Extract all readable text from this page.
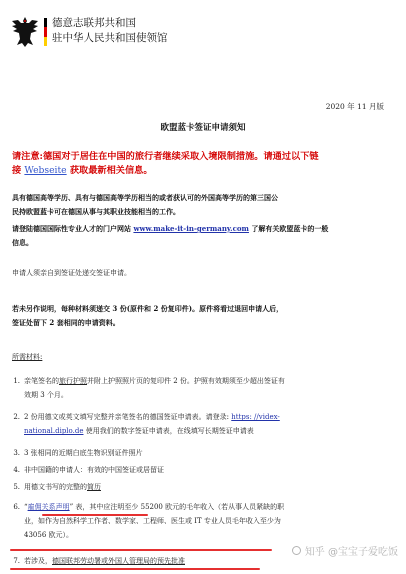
德意志联邦共和国
驻中华人民共和国使领馆
2020 年 11 月版
欧盟蓝卡签证申请须知
请注意:德国对于居住在中国的旅行者继续采取入境限制措施。请通过以下链
接 Webseite 获取最新相关信息。
具有德国高等学历、具有与德国高等学历相当的或者获认可的外国高等学历的第三国公
民持欧盟蓝卡可在德国从事与其职业技能相当的工作。
请登陆德国国际性专业人才的门户网站 www.make-it-in-germany.com 了解有关欧盟蓝卡的一般
信息。
申请人须亲自到签证处递交签证申请。
若未另作说明，每种材料须递交 3 份(原件和 2 份复印件)。原件将看过退回申请人后，
签证处留下 2 套相同的申请资料。
所需材料:
1. 亲笔签名的旅行护照并附上护照照片页的复印件 2 份。护照有效期须至少超出签证有
效期 3 个月。
2. 2 份用德文或英文填写完整并亲笔签名的德国签证申请表。请登录: https: //videx-
national.diplo.de 使用我们的数字签证申请表，在线填写长期签证申请表
3. 3 张相同的近期白底生物识别证件照片
4. 非中国籍的申请人：有效的中国签证或居留证
5. 用德文书写的完整的简历
6. “雇佣关系声明” 表，其中应注明至少 55200 欧元的毛年收入（若从事人员紧缺的职
业，如作为自然科学工作者、数学家、工程师、医生或 IT 专业人员毛年收入至少为
43056 欧元）。
7. 若涉及，德国联邦劳动署或外国人管理局的预先批准
知乎 @宝宝子爱吃饭
